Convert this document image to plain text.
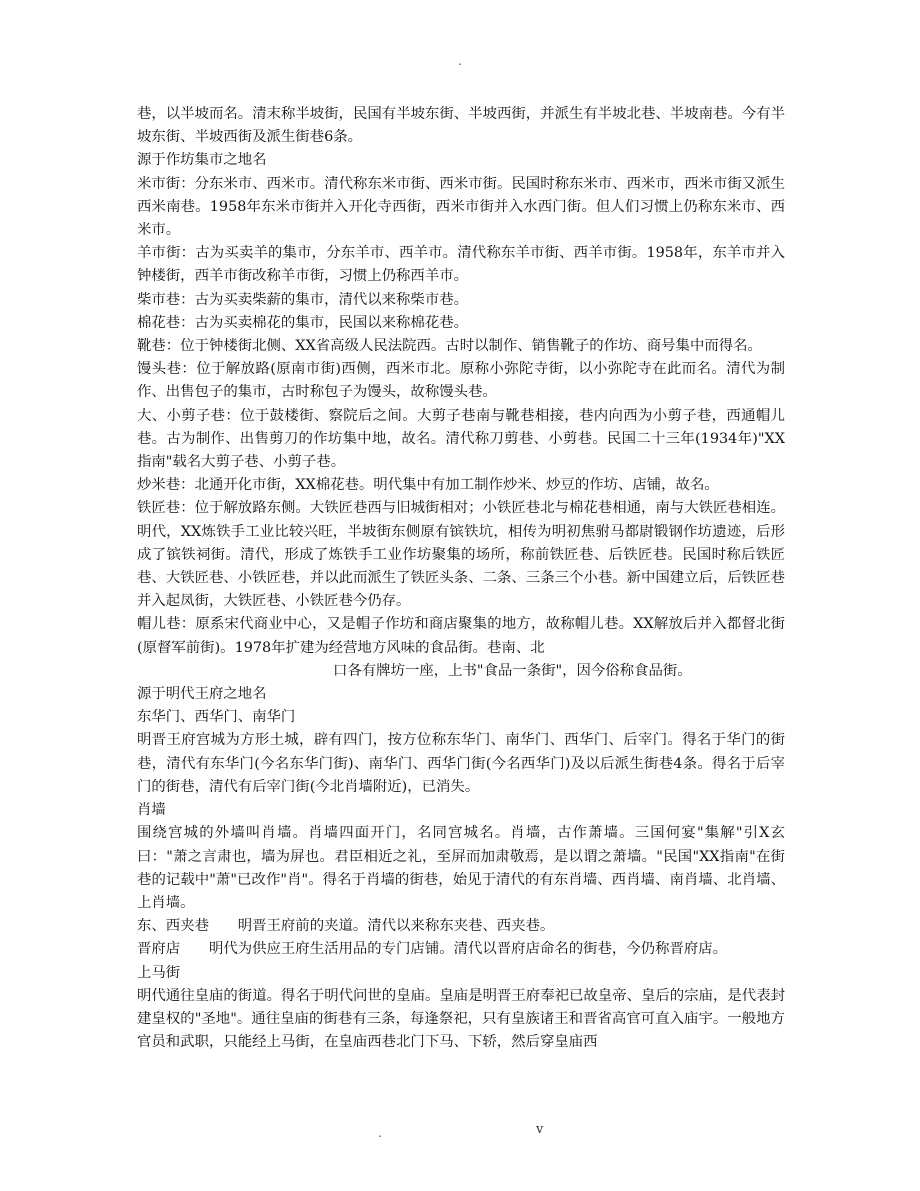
.

巷，以半坡而名。清末称半坡街，民国有半坡东街、半坡西街，并派生有半坡北巷、半坡南巷。今有半坡东街、半坡西街及派生街巷6条。

源于作坊集市之地名

米市街：分东米市、西米市。清代称东米市街、西米市街。民国时称东米市、西米市，西米市街又派生西米南巷。1958年东米市街并入开化寺西街，西米市街并入水西门街。但人们习惯上仍称东米市、西米市。

羊市街：古为买卖羊的集市，分东羊市、西羊市。清代称东羊市街、西羊市街。1958年，东羊市并入钟楼街，西羊市街改称羊市街，习惯上仍称西羊市。

柴市巷：古为买卖柴薪的集市，清代以来称柴市巷。

棉花巷：古为买卖棉花的集市，民国以来称棉花巷。

靴巷：位于钟楼街北侧、XX省高级人民法院西。古时以制作、销售靴子的作坊、商号集中而得名。

馒头巷：位于解放路(原南市街)西侧，西米市北。原称小弥陀寺街，以小弥陀寺在此而名。清代为制作、出售包子的集市，古时称包子为馒头，故称馒头巷。

大、小剪子巷：位于鼓楼街、察院后之间。大剪子巷南与靴巷相接，巷内向西为小剪子巷，西通帽儿巷。古为制作、出售剪刀的作坊集中地，故名。清代称刀剪巷、小剪巷。民国二十三年(1934年)"XX指南"载名大剪子巷、小剪子巷。

炒米巷：北通开化市街，XX棉花巷。明代集中有加工制作炒米、炒豆的作坊、店铺，故名。

铁匠巷：位于解放路东侧。大铁匠巷西与旧城街相对；小铁匠巷北与棉花巷相通，南与大铁匠巷相连。明代，XX炼铁手工业比较兴旺，半坡街东侧原有镔铁坑，相传为明初焦驸马都尉锻钢作坊遗迹，后形成了镔铁祠街。清代，形成了炼铁手工业作坊聚集的场所，称前铁匠巷、后铁匠巷。民国时称后铁匠巷、大铁匠巷、小铁匠巷，并以此而派生了铁匠头条、二条、三条三个小巷。新中国建立后，后铁匠巷并入起凤街，大铁匠巷、小铁匠巷今仍存。

帽儿巷：原系宋代商业中心，又是帽子作坊和商店聚集的地方，故称帽儿巷。XX解放后并入都督北街(原督军前街)。1978年扩建为经营地方风味的食品街。巷南、北

口各有牌坊一座，上书"食品一条街"，因今俗称食品街。

源于明代王府之地名

东华门、西华门、南华门

明晋王府宫城为方形土城，辟有四门，按方位称东华门、南华门、西华门、后宰门。得名于华门的街巷，清代有东华门(今名东华门街)、南华门、西华门街(今名西华门)及以后派生街巷4条。得名于后宰门的街巷，清代有后宰门街(今北肖墙附近)，已消失。

肖墙

围绕宫城的外墙叫肖墙。肖墙四面开门，名同宫城名。肖墙，古作萧墙。三国何宴"集解"引X玄曰："萧之言肃也，墙为屏也。君臣相近之礼，至屏而加肃敬焉，是以谓之萧墙。"民国"XX指南"在街巷的记载中"萧"已改作"肖"。得名于肖墙的街巷，始见于清代的有东肖墙、西肖墙、南肖墙、北肖墙、上肖墙。

东、西夹巷　　明晋王府前的夹道。清代以来称东夹巷、西夹巷。

晋府店　　明代为供应王府生活用品的专门店铺。清代以晋府店命名的街巷，今仍称晋府店。

上马街

明代通往皇庙的街道。得名于明代问世的皇庙。皇庙是明晋王府奉祀已故皇帝、皇后的宗庙，是代表封建皇权的"圣地"。通往皇庙的街巷有三条，每逢祭祀，只有皇族诸王和晋省高官可直入庙宇。一般地方官员和武职，只能经上马街，在皇庙西巷北门下马、下轿，然后穿皇庙西

.	v
